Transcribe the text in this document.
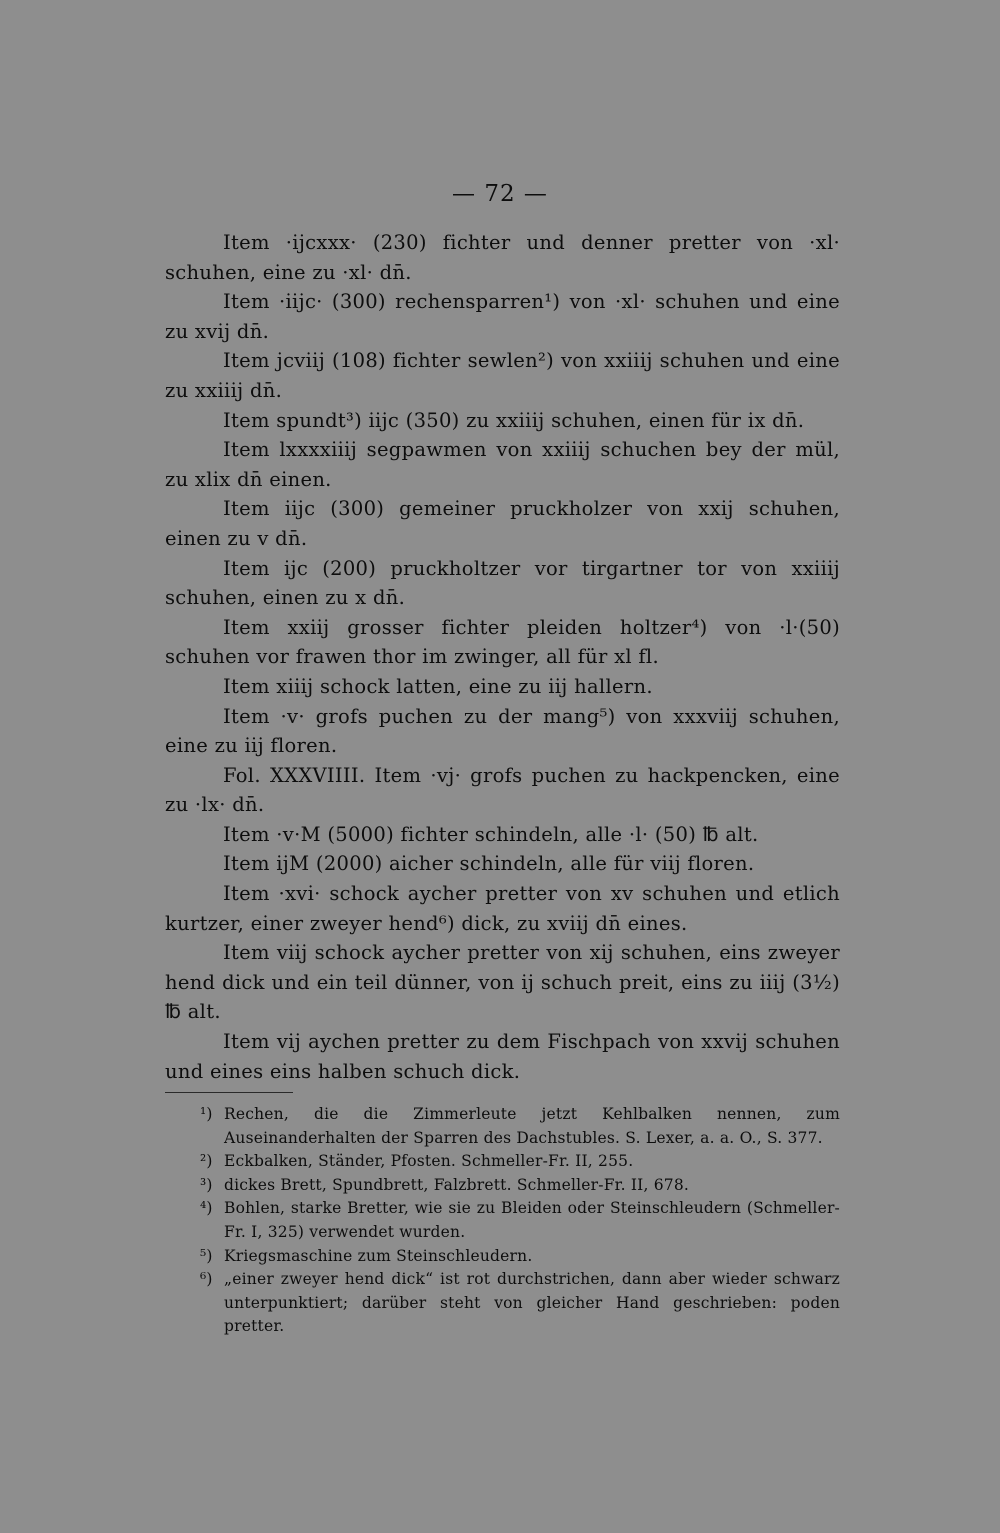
— 72 —

Item ·ijcxxx· (230) fichter und denner pretter von ·xl· schuhen, eine zu ·xl· dn̄.

Item ·iijc· (300) rechensparren¹) von ·xl· schuhen und eine zu xvij dn̄.

Item jcviij (108) fichter sewlen²) von xxiiij schuhen und eine zu xxiiij dn̄.

Item spundt³) iijc (350) zu xxiiij schuhen, einen für ix dn̄.

Item lxxxxiiij segpawmen von xxiiij schuchen bey der mül, zu xlix dn̄ einen.

Item iijc (300) gemeiner pruckholzer von xxij schuhen, einen zu v dn̄.

Item ijc (200) pruckholtzer vor tirgartner tor von xxiiij schuhen, einen zu x dn̄.

Item xxiij grosser fichter pleiden holtzer⁴) von ·l·(50) schuhen vor frawen thor im zwinger, all für xl fl.

Item xiiij schock latten, eine zu iij hallern.

Item ·v· grofs puchen zu der mang⁵) von xxxviij schuhen, eine zu iij floren.

Fol. XXXVIIII. Item ·vj· grofs puchen zu hackpencken, eine zu ·lx· dn̄.

Item ·v·M (5000) fichter schindeln, alle ·l· (50) ℔ alt.

Item ijM (2000) aicher schindeln, alle für viij floren.

Item ·xvi· schock aycher pretter von xv schuhen und etlich kurtzer, einer zweyer hend⁶) dick, zu xviij dn̄ eines.

Item viij schock aycher pretter von xij schuhen, eins zweyer hend dick und ein teil dünner, von ij schuch preit, eins zu iiij (3½) ℔ alt.

Item vij aychen pretter zu dem Fischpach von xxvij schuhen und eines eins halben schuch dick.

¹) Rechen, die die Zimmerleute jetzt Kehlbalken nennen, zum Auseinanderhalten der Sparren des Dachstubles. S. Lexer, a. a. O., S. 377.

²) Eckbalken, Ständer, Pfosten. Schmeller-Fr. II, 255.

³) dickes Brett, Spundbrett, Falzbrett. Schmeller-Fr. II, 678.

⁴) Bohlen, starke Bretter, wie sie zu Bleiden oder Steinschleudern (Schmeller-Fr. I, 325) verwendet wurden.

⁵) Kriegsmaschine zum Steinschleudern.

⁶) „einer zweyer hend dick“ ist rot durchstrichen, dann aber wieder schwarz unterpunktiert; darüber steht von gleicher Hand geschrieben: poden pretter.
